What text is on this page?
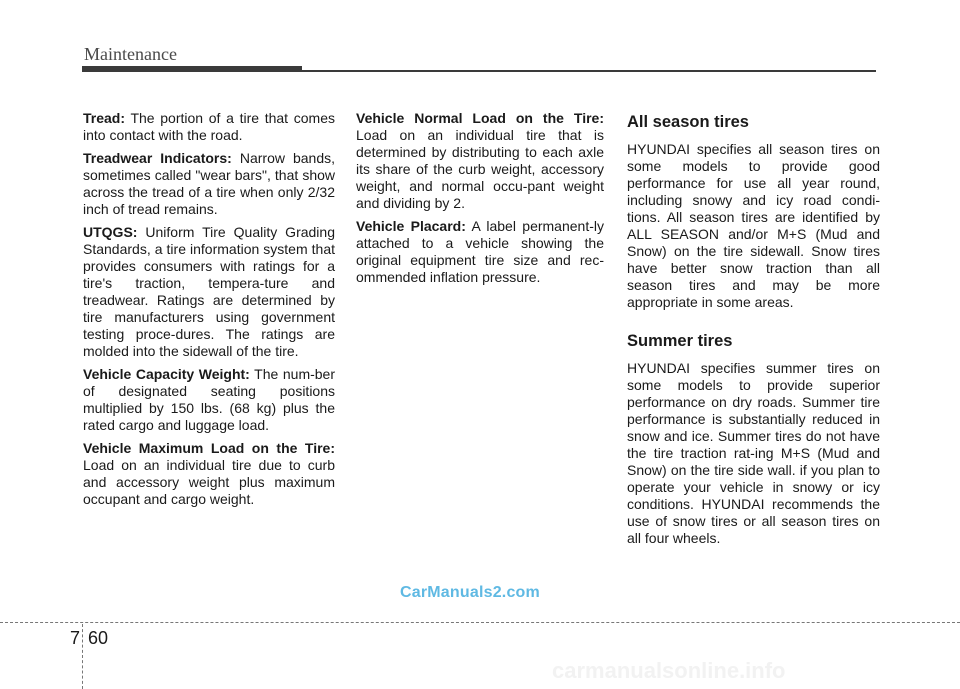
Maintenance

Tread: The portion of a tire that comes into contact with the road.

Treadwear Indicators: Narrow bands, sometimes called "wear bars", that show across the tread of a tire when only 2/32 inch of tread remains.

UTQGS: Uniform Tire Quality Grading Standards, a tire information system that provides consumers with ratings for a tire's traction, tempera-ture and treadwear. Ratings are determined by tire manufacturers using government testing proce-dures. The ratings are molded into the sidewall of the tire.

Vehicle Capacity Weight: The num-ber of designated seating positions multiplied by 150 lbs. (68 kg) plus the rated cargo and luggage load.

Vehicle Maximum Load on the Tire: Load on an individual tire due to curb and accessory weight plus maximum occupant and cargo weight.

Vehicle Normal Load on the Tire: Load on an individual tire that is determined by distributing to each axle its share of the curb weight, accessory weight, and normal occu-pant weight and dividing by 2.

Vehicle Placard: A label permanent-ly attached to a vehicle showing the original equipment tire size and rec-ommended inflation pressure.

All season tires

HYUNDAI specifies all season tires on some models to provide good performance for use all year round, including snowy and icy road condi-tions. All season tires are identified by ALL SEASON and/or M+S (Mud and Snow) on the tire sidewall. Snow tires have better snow traction than all season tires and may be more appropriate in some areas.

Summer tires

HYUNDAI specifies summer tires on some models to provide superior performance on dry roads. Summer tire performance is substantially reduced in snow and ice. Summer tires do not have the tire traction rat-ing M+S (Mud and Snow) on the tire side wall. if you plan to operate your vehicle in snowy or icy conditions. HYUNDAI recommends the use of snow tires or all season tires on all four wheels.

CarManuals2.com
7 60
carmanualsonline.info
